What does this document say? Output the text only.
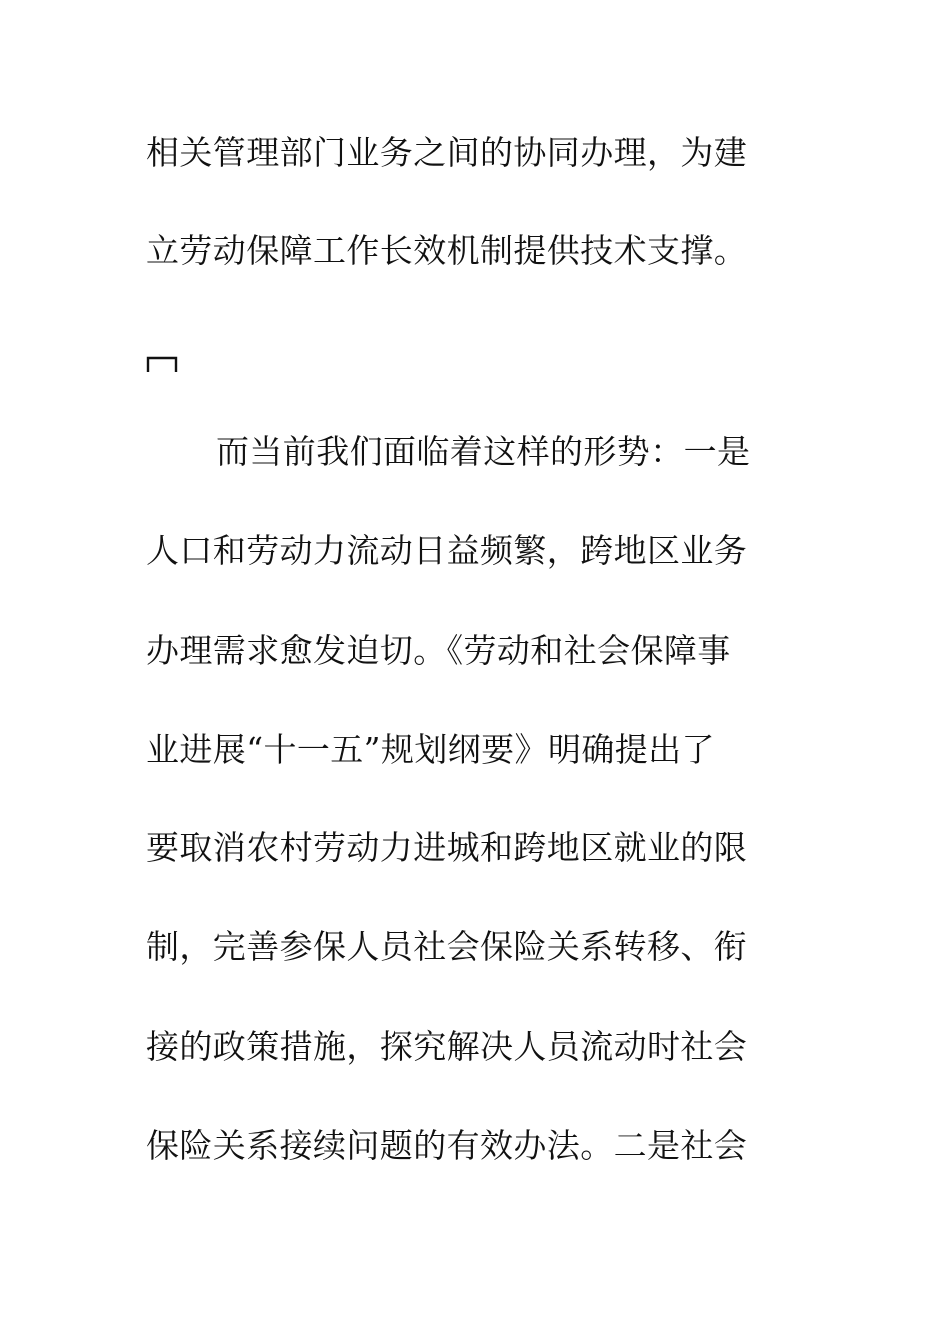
相关管理部门业务之间的协同办理，为建
立劳动保障工作长效机制提供技术支撑。
而当前我们面临着这样的形势：一是
人口和劳动力流动日益频繁，跨地区业务
办理需求愈发迫切。《劳动和社会保障事
业进展“十一五”规划纲要》明确提出了
要取消农村劳动力进城和跨地区就业的限
制，完善参保人员社会保险关系转移、衔
接的政策措施，探究解决人员流动时社会
保险关系接续问题的有效办法。二是社会
